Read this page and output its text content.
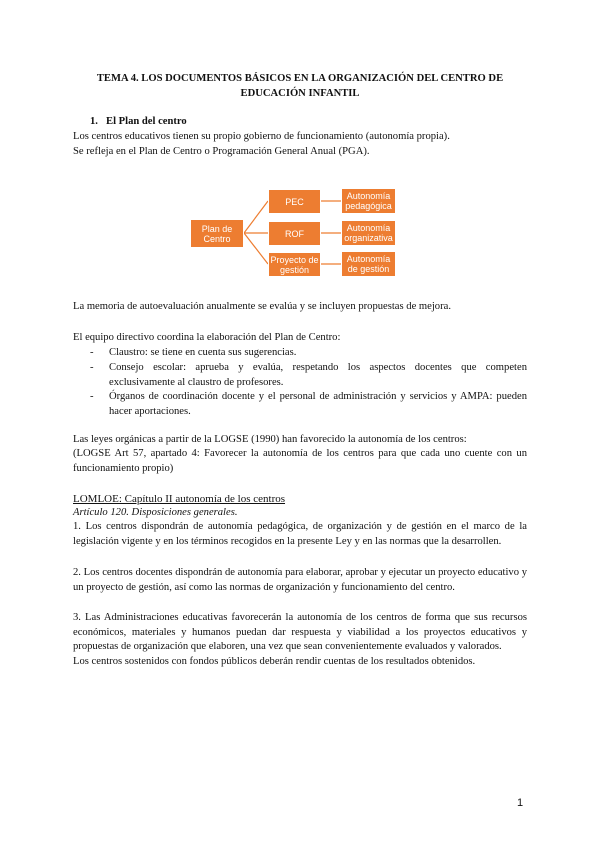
TEMA 4. LOS DOCUMENTOS BÁSICOS EN LA ORGANIZACIÓN DEL CENTRO DE
EDUCACIÓN INFANTIL
1. El Plan del centro
Los centros educativos tienen su propio gobierno de funcionamiento (autonomía propia).
Se refleja en el Plan de Centro o Programación General Anual (PGA).
Plan de
Centro
PEC
ROF
Proyecto de
gestión
Autonomía
pedagógica
Autonomía
organizativa
Autonomía
de gestión
La memoria de autoevaluación anualmente se evalúa y se incluyen propuestas de mejora.
El equipo directivo coordina la elaboración del Plan de Centro:
- Claustro: se tiene en cuenta sus sugerencias.
- Consejo escolar: aprueba y evalúa, respetando los aspectos docentes que competen exclusivamente al claustro de profesores.
- Órganos de coordinación docente y el personal de administración y servicios y AMPA: pueden hacer aportaciones.
Las leyes orgánicas a partir de la LOGSE (1990) han favorecido la autonomía de los centros:
(LOGSE Art 57, apartado 4: Favorecer la autonomía de los centros para que cada uno cuente con un funcionamiento propio)
LOMLOE: Capítulo II autonomía de los centros
Artículo 120. Disposiciones generales.
1. Los centros dispondrán de autonomía pedagógica, de organización y de gestión en el marco de la legislación vigente y en los términos recogidos en la presente Ley y en las normas que la desarrollen.
2. Los centros docentes dispondrán de autonomía para elaborar, aprobar y ejecutar un proyecto educativo y un proyecto de gestión, así como las normas de organización y funcionamiento del centro.
3. Las Administraciones educativas favorecerán la autonomía de los centros de forma que sus recursos económicos, materiales y humanos puedan dar respuesta y viabilidad a los proyectos educativos y propuestas de organización que elaboren, una vez que sean convenientemente evaluados y valorados.
Los centros sostenidos con fondos públicos deberán rendir cuentas de los resultados obtenidos.
1
